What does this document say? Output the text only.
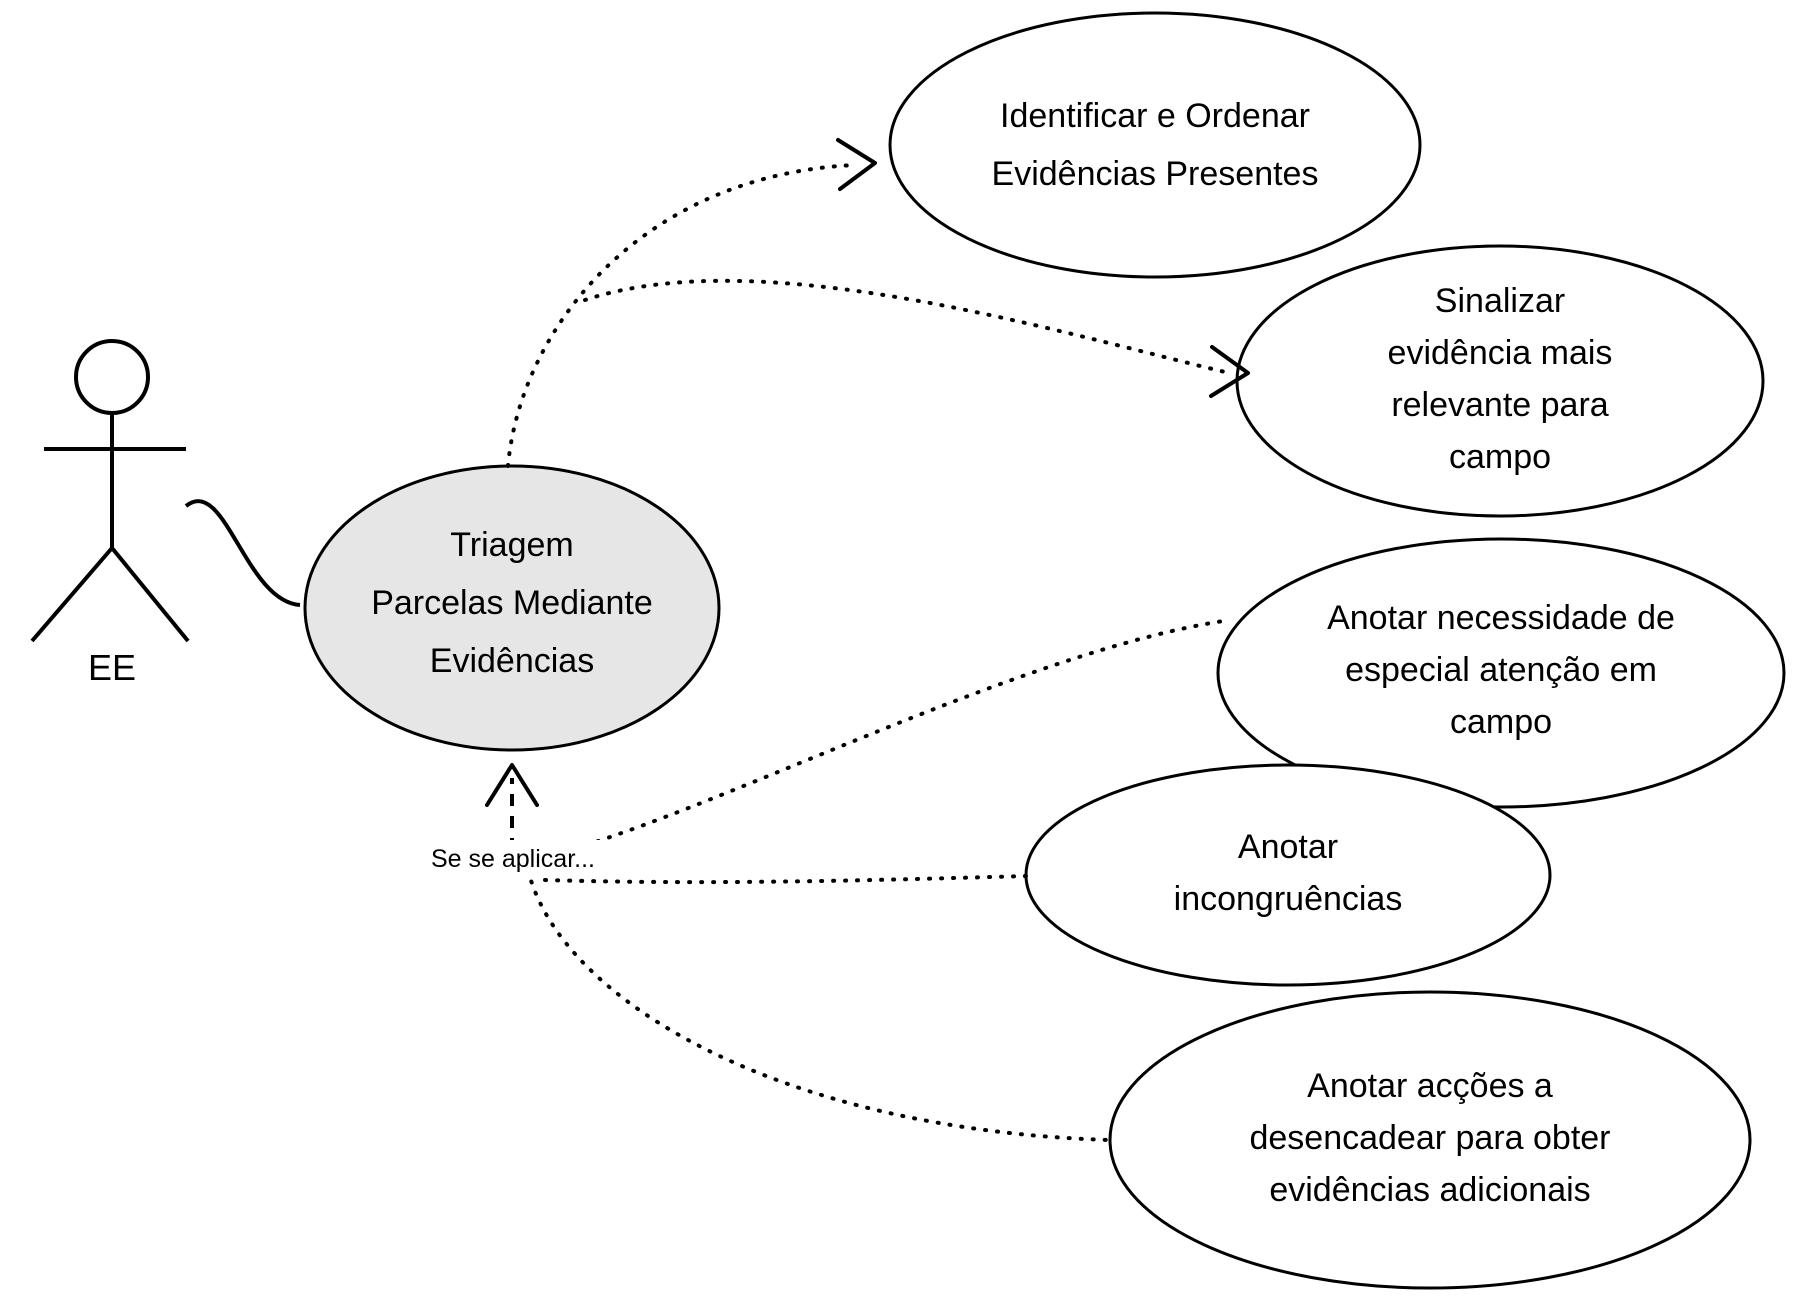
EE
Triagem
Parcelas Mediante
Evidências
Identificar e Ordenar
Evidências Presentes
Sinalizar
evidência mais
relevante para
campo
Anotar necessidade de
especial atenção em
campo
Anotar
incongruências
Anotar acções a
desencadear para obter
evidências adicionais
Se se aplicar...
